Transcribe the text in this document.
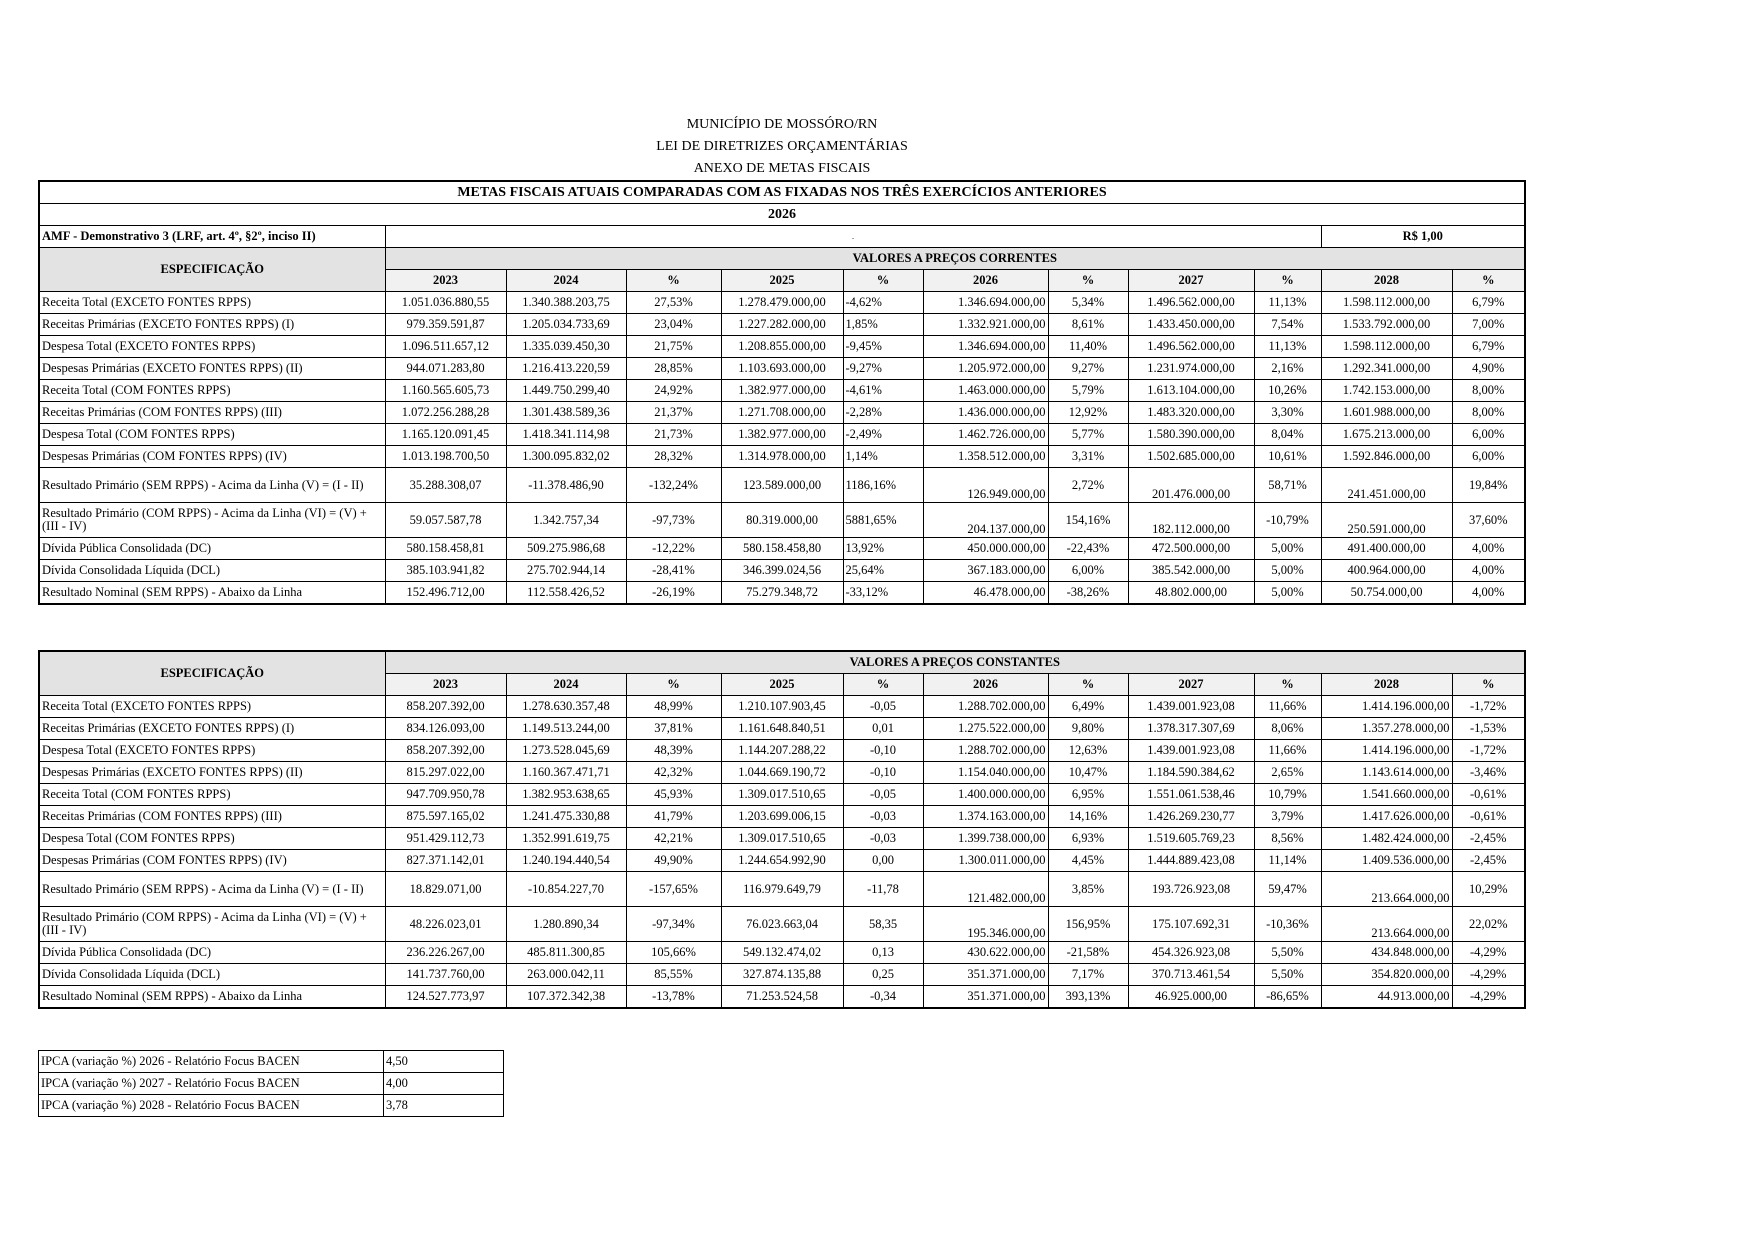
MUNICÍPIO DE MOSSÓRO/RN
LEI DE DIRETRIZES ORÇAMENTÁRIAS
ANEXO DE METAS FISCAIS
METAS FISCAIS ATUAIS COMPARADAS COM AS FIXADAS NOS TRÊS EXERCÍCIOS ANTERIORES											
2026											
AMF - Demonstrativo 3 (LRF, art. 4º, §2º, inciso II)	.									R$ 1,00	
ESPECIFICAÇÃO	VALORES A PREÇOS CORRENTES										
	2023	2024	%	2025	%	2026	%	2027	%	2028	%
Receita Total (EXCETO FONTES RPPS)	1.051.036.880,55	1.340.388.203,75	27,53%	1.278.479.000,00	-4,62%	1.346.694.000,00	5,34%	1.496.562.000,00	11,13%	1.598.112.000,00	6,79%
Receitas Primárias (EXCETO FONTES RPPS) (I)	979.359.591,87	1.205.034.733,69	23,04%	1.227.282.000,00	1,85%	1.332.921.000,00	8,61%	1.433.450.000,00	7,54%	1.533.792.000,00	7,00%
Despesa Total (EXCETO FONTES RPPS)	1.096.511.657,12	1.335.039.450,30	21,75%	1.208.855.000,00	-9,45%	1.346.694.000,00	11,40%	1.496.562.000,00	11,13%	1.598.112.000,00	6,79%
Despesas Primárias (EXCETO FONTES RPPS) (II)	944.071.283,80	1.216.413.220,59	28,85%	1.103.693.000,00	-9,27%	1.205.972.000,00	9,27%	1.231.974.000,00	2,16%	1.292.341.000,00	4,90%
Receita Total (COM FONTES RPPS)	1.160.565.605,73	1.449.750.299,40	24,92%	1.382.977.000,00	-4,61%	1.463.000.000,00	5,79%	1.613.104.000,00	10,26%	1.742.153.000,00	8,00%
Receitas Primárias (COM FONTES RPPS) (III)	1.072.256.288,28	1.301.438.589,36	21,37%	1.271.708.000,00	-2,28%	1.436.000.000,00	12,92%	1.483.320.000,00	3,30%	1.601.988.000,00	8,00%
Despesa Total (COM FONTES RPPS)	1.165.120.091,45	1.418.341.114,98	21,73%	1.382.977.000,00	-2,49%	1.462.726.000,00	5,77%	1.580.390.000,00	8,04%	1.675.213.000,00	6,00%
Despesas Primárias (COM FONTES RPPS) (IV)	1.013.198.700,50	1.300.095.832,02	28,32%	1.314.978.000,00	1,14%	1.358.512.000,00	3,31%	1.502.685.000,00	10,61%	1.592.846.000,00	6,00%
Resultado Primário (SEM RPPS) - Acima da Linha (V) = (I - II)	35.288.308,07	-11.378.486,90	-132,24%	123.589.000,00	1186,16%	126.949.000,00	2,72%	201.476.000,00	58,71%	241.451.000,00	19,84%
Resultado Primário (COM RPPS) - Acima da Linha (VI) = (V) + (III - IV)	59.057.587,78	1.342.757,34	-97,73%	80.319.000,00	5881,65%	204.137.000,00	154,16%	182.112.000,00	-10,79%	250.591.000,00	37,60%
Dívida Pública Consolidada (DC)	580.158.458,81	509.275.986,68	-12,22%	580.158.458,80	13,92%	450.000.000,00	-22,43%	472.500.000,00	5,00%	491.400.000,00	4,00%
Dívida Consolidada Líquida (DCL)	385.103.941,82	275.702.944,14	-28,41%	346.399.024,56	25,64%	367.183.000,00	6,00%	385.542.000,00	5,00%	400.964.000,00	4,00%
Resultado Nominal (SEM RPPS) - Abaixo da Linha	152.496.712,00	112.558.426,52	-26,19%	75.279.348,72	-33,12%	46.478.000,00	-38,26%	48.802.000,00	5,00%	50.754.000,00	4,00%
ESPECIFICAÇÃO	VALORES A PREÇOS CONSTANTES										
	2023	2024	%	2025	%	2026	%	2027	%	2028	%
Receita Total (EXCETO FONTES RPPS)	858.207.392,00	1.278.630.357,48	48,99%	1.210.107.903,45	-0,05	1.288.702.000,00	6,49%	1.439.001.923,08	11,66%	1.414.196.000,00	-1,72%
Receitas Primárias (EXCETO FONTES RPPS) (I)	834.126.093,00	1.149.513.244,00	37,81%	1.161.648.840,51	0,01	1.275.522.000,00	9,80%	1.378.317.307,69	8,06%	1.357.278.000,00	-1,53%
Despesa Total (EXCETO FONTES RPPS)	858.207.392,00	1.273.528.045,69	48,39%	1.144.207.288,22	-0,10	1.288.702.000,00	12,63%	1.439.001.923,08	11,66%	1.414.196.000,00	-1,72%
Despesas Primárias (EXCETO FONTES RPPS) (II)	815.297.022,00	1.160.367.471,71	42,32%	1.044.669.190,72	-0,10	1.154.040.000,00	10,47%	1.184.590.384,62	2,65%	1.143.614.000,00	-3,46%
Receita Total (COM FONTES RPPS)	947.709.950,78	1.382.953.638,65	45,93%	1.309.017.510,65	-0,05	1.400.000.000,00	6,95%	1.551.061.538,46	10,79%	1.541.660.000,00	-0,61%
Receitas Primárias (COM FONTES RPPS) (III)	875.597.165,02	1.241.475.330,88	41,79%	1.203.699.006,15	-0,03	1.374.163.000,00	14,16%	1.426.269.230,77	3,79%	1.417.626.000,00	-0,61%
Despesa Total (COM FONTES RPPS)	951.429.112,73	1.352.991.619,75	42,21%	1.309.017.510,65	-0,03	1.399.738.000,00	6,93%	1.519.605.769,23	8,56%	1.482.424.000,00	-2,45%
Despesas Primárias (COM FONTES RPPS) (IV)	827.371.142,01	1.240.194.440,54	49,90%	1.244.654.992,90	0,00	1.300.011.000,00	4,45%	1.444.889.423,08	11,14%	1.409.536.000,00	-2,45%
Resultado Primário (SEM RPPS) - Acima da Linha (V) = (I - II)	18.829.071,00	-10.854.227,70	-157,65%	116.979.649,79	-11,78	121.482.000,00	3,85%	193.726.923,08	59,47%	213.664.000,00	10,29%
Resultado Primário (COM RPPS) - Acima da Linha (VI) = (V) + (III - IV)	48.226.023,01	1.280.890,34	-97,34%	76.023.663,04	58,35	195.346.000,00	156,95%	175.107.692,31	-10,36%	213.664.000,00	22,02%
Dívida Pública Consolidada (DC)	236.226.267,00	485.811.300,85	105,66%	549.132.474,02	0,13	430.622.000,00	-21,58%	454.326.923,08	5,50%	434.848.000,00	-4,29%
Dívida Consolidada Líquida (DCL)	141.737.760,00	263.000.042,11	85,55%	327.874.135,88	0,25	351.371.000,00	7,17%	370.713.461,54	5,50%	354.820.000,00	-4,29%
Resultado Nominal (SEM RPPS) - Abaixo da Linha	124.527.773,97	107.372.342,38	-13,78%	71.253.524,58	-0,34	351.371.000,00	393,13%	46.925.000,00	-86,65%	44.913.000,00	-4,29%
IPCA (variação %) 2026 - Relatório Focus BACEN	4,50
IPCA (variação %) 2027 - Relatório Focus BACEN	4,00
IPCA (variação %) 2028 - Relatório Focus BACEN	3,78
